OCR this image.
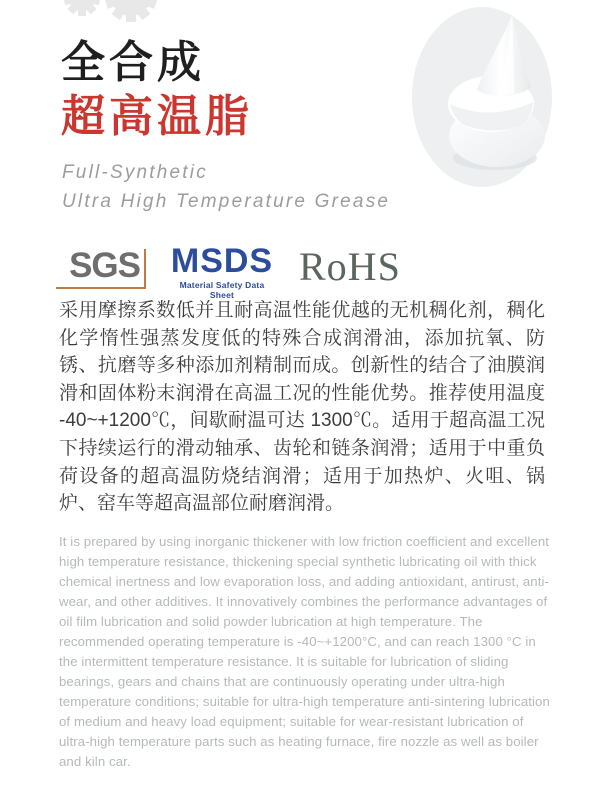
全合成
超高温脂
Full-Synthetic
Ultra High Temperature Grease
SGS MSDS
Material Safety Data Sheet
RoHS
采用摩擦系数低并且耐高温性能优越的无机稠化剂，稠化化学惰性强蒸发度低的特殊合成润滑油，添加抗氧、防锈、抗磨等多种添加剂精制而成。创新性的结合了油膜润滑和固体粉末润滑在高温工况的性能优势。推荐使用温度 -40~+1200℃，间歇耐温可达 1300℃。适用于超高温工况下持续运行的滑动轴承、齿轮和链条润滑；适用于中重负荷设备的超高温防烧结润滑；适用于加热炉、火咀、锅炉、窑车等超高温部位耐磨润滑。
It is prepared by using inorganic thickener with low friction coefficient and excellent high temperature resistance, thickening special synthetic lubricating oil with thick chemical inertness and low evaporation loss, and adding antioxidant, antirust, anti-wear, and other additives. It innovatively combines the performance advantages of oil film lubrication and solid powder lubrication at high temperature. The recommended operating temperature is -40~+1200°C, and can reach 1300 °C in the intermittent temperature resistance. It is suitable for lubrication of sliding bearings, gears and chains that are continuously operating under ultra-high temperature conditions; suitable for ultra-high temperature anti-sintering lubrication of medium and heavy load equipment; suitable for wear-resistant lubrication of ultra-high temperature parts such as heating furnace, fire nozzle as well as boiler and kiln car.
